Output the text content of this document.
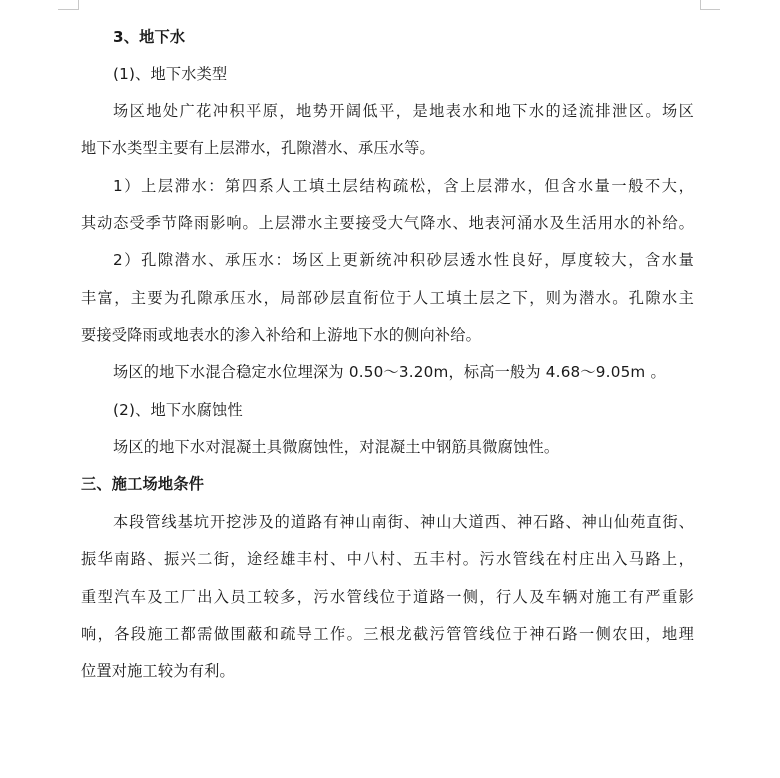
3、地下水
(1)、地下水类型
场区地处广花冲积平原，地势开阔低平，是地表水和地下水的迳流排泄区。场区
地下水类型主要有上层滞水，孔隙潜水、承压水等。
1）上层滞水：第四系人工填土层结构疏松，含上层滞水，但含水量一般不大，
其动态受季节降雨影响。上层滞水主要接受大气降水、地表河涌水及生活用水的补给。
2）孔隙潜水、承压水：场区上更新统冲积砂层透水性良好，厚度较大，含水量
丰富，主要为孔隙承压水，局部砂层直衔位于人工填土层之下，则为潜水。孔隙水主
要接受降雨或地表水的渗入补给和上游地下水的侧向补给。
场区的地下水混合稳定水位埋深为 0.50～3.20m，标高一般为 4.68～9.05m 。
(2)、地下水腐蚀性
场区的地下水对混凝土具微腐蚀性，对混凝土中钢筋具微腐蚀性。
三、施工场地条件
本段管线基坑开挖涉及的道路有神山南街、神山大道西、神石路、神山仙苑直街、
振华南路、振兴二街，途经雄丰村、中八村、五丰村。污水管线在村庄出入马路上，
重型汽车及工厂出入员工较多，污水管线位于道路一侧，行人及车辆对施工有严重影
响，各段施工都需做围蔽和疏导工作。三根龙截污管管线位于神石路一侧农田，地理
位置对施工较为有利。
